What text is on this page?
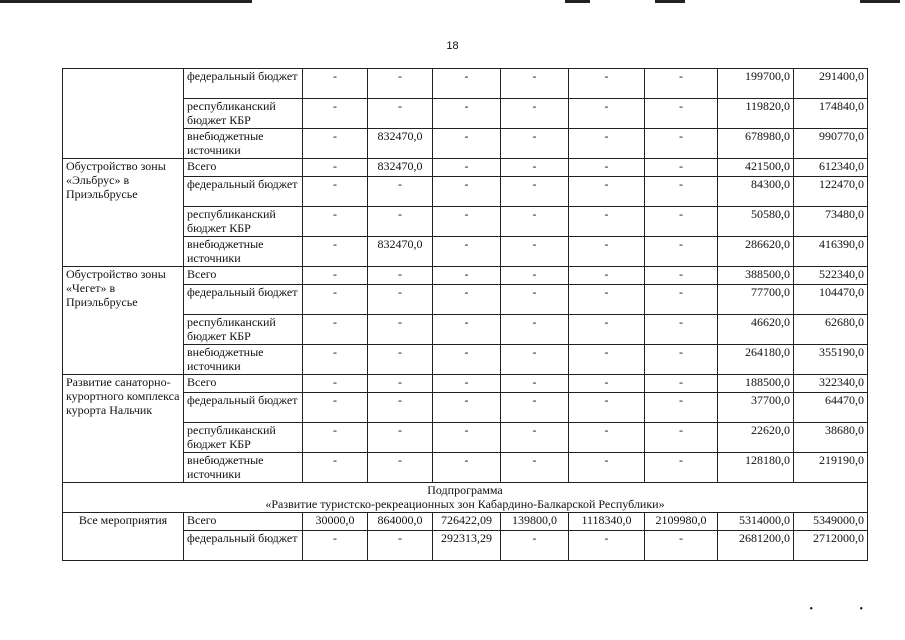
18
	федеральный бюджет	-	-	-	-	-	-	199700,0	291400,0
	республиканский бюджет КБР	-	-	-	-	-	-	119820,0	174840,0
	внебюджетные источники	-	832470,0	-	-	-	-	678980,0	990770,0
Обустройство зоны «Эльбрус» в Приэльбрусье	Всего	-	832470,0	-	-	-	-	421500,0	612340,0
	федеральный бюджет	-	-	-	-	-	-	84300,0	122470,0
	республиканский бюджет КБР	-	-	-	-	-	-	50580,0	73480,0
	внебюджетные источники	-	832470,0	-	-	-	-	286620,0	416390,0
Обустройство зоны «Чегет» в Приэльбрусье	Всего	-	-	-	-	-	-	388500,0	522340,0
	федеральный бюджет	-	-	-	-	-	-	77700,0	104470,0
	республиканский бюджет КБР	-	-	-	-	-	-	46620,0	62680,0
	внебюджетные источники	-	-	-	-	-	-	264180,0	355190,0
Развитие санаторно-курортного комплекса курорта Нальчик	Всего	-	-	-	-	-	-	188500,0	322340,0
	федеральный бюджет	-	-	-	-	-	-	37700,0	64470,0
	республиканский бюджет КБР	-	-	-	-	-	-	22620,0	38680,0
	внебюджетные источники	-	-	-	-	-	-	128180,0	219190,0

Подпрограмма
«Развитие туристско-рекреационных зон Кабардино-Балкарской Республики»									

Все мероприятия	Всего	30000,0	864000,0	726422,09	139800,0	1118340,0	2109980,0	5314000,0	5349000,0
	федеральный бюджет	-	-	292313,29	-	-	-	2681200,0	2712000,0
• •
